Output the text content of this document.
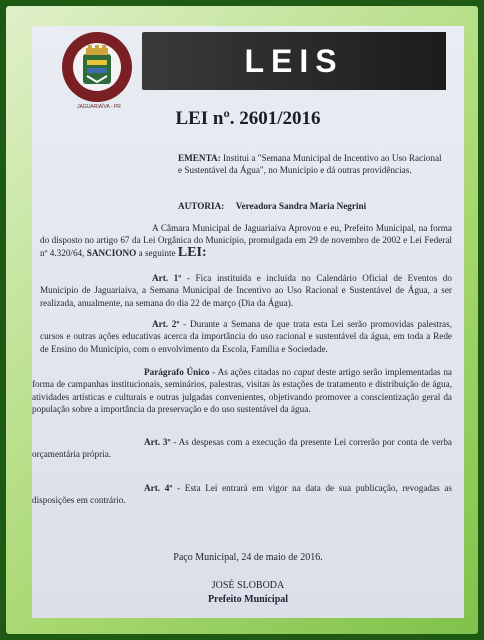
JAGUARIAÍVA - PR
LEIS
LEI nº. 2601/2016
EMENTA: Institui a "Semana Municipal de Incentivo ao Uso Racional e Sustentável da Água", no Município e dá outras providências.
AUTORIA: Vereadora Sandra Maria Negrini

A Câmara Municipal de Jaguariaíva Aprovou e eu, Prefeito Municipal, na forma do disposto no artigo 67 da Lei Orgânica do Município, promulgada em 29 de novembro de 2002 e Lei Federal nº 4.320/64, SANCIONO a seguinte LEI:

Art. 1º - Fica instituída e incluída no Calendário Oficial de Eventos do Município de Jaguariaíva, a Semana Municipal de Incentivo ao Uso Racional e Sustentável de Água, a ser realizada, anualmente, na semana do dia 22 de março (Dia da Água).

Art. 2º - Durante a Semana de que trata esta Lei serão promovidas palestras, cursos e outras ações educativas acerca da importância do uso racional e sustentável da água, em toda a Rede de Ensino do Município, com o envolvimento da Escola, Família e Sociedade.

Parágrafo Único - As ações citadas no caput deste artigo serão implementadas na forma de campanhas institucionais, seminários, palestras, visitas às estações de tratamento e distribuição de água, atividades artísticas e culturais e outras julgadas convenientes, objetivando promover a conscientização geral da população sobre a importância da preservação e do uso sustentável da água.

Art. 3º - As despesas com a execução da presente Lei correrão por conta de verba orçamentária própria.

Art. 4º - Esta Lei entrará em vigor na data de sua publicação, revogadas as disposições em contrário.

Paço Municipal, 24 de maio de 2016.
JOSÉ SLOBODA
Prefeito Municipal
